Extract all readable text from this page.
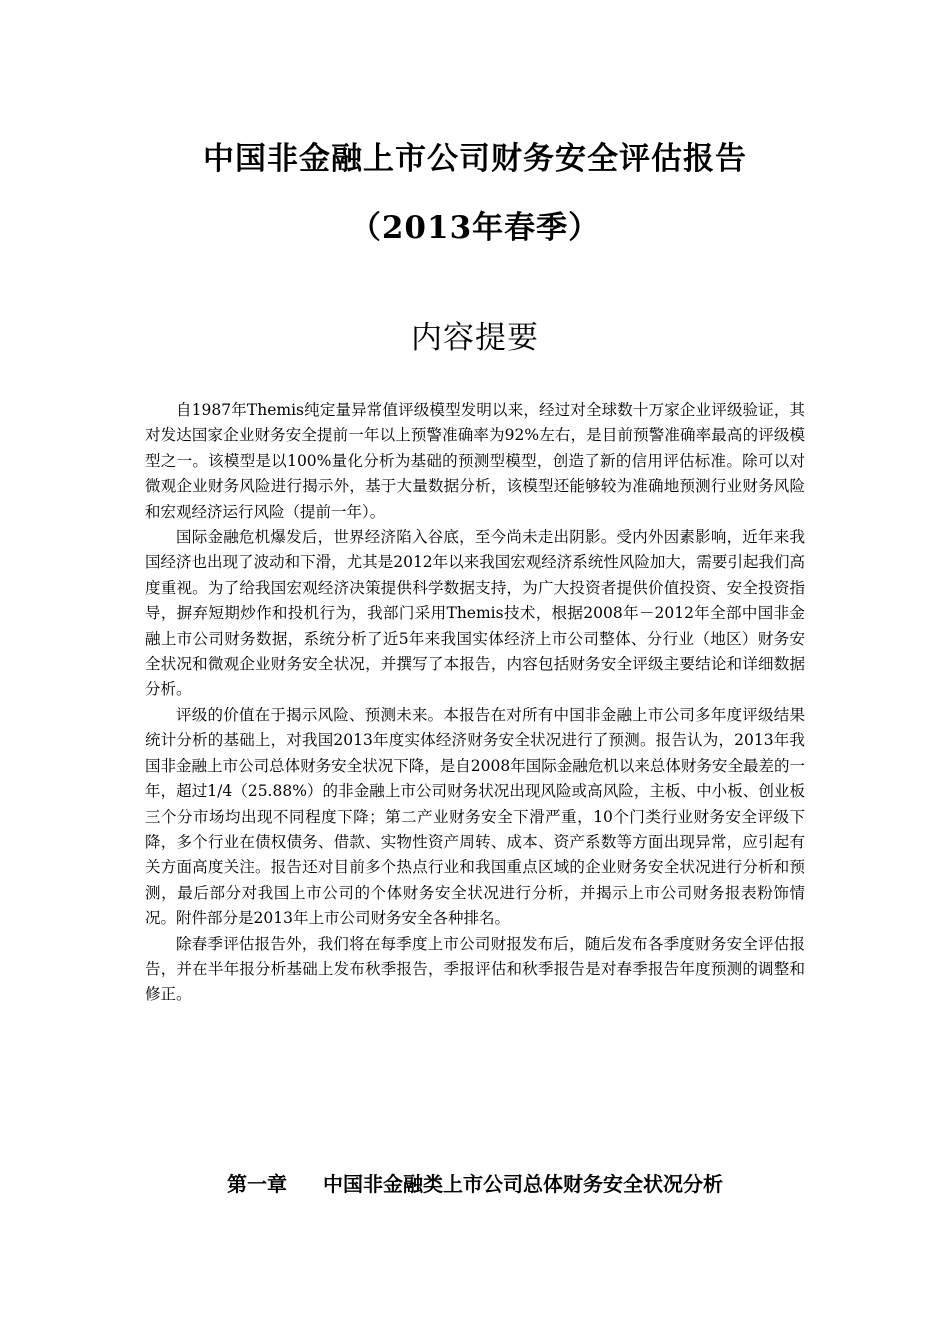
中国非金融上市公司财务安全评估报告
（2013年春季）
内容提要

自1987年Themis纯定量异常值评级模型发明以来，经过对全球数十万家企业评级验证，其对发达国家企业财务安全提前一年以上预警准确率为92%左右，是目前预警准确率最高的评级模型之一。该模型是以100%量化分析为基础的预测型模型，创造了新的信用评估标准。除可以对微观企业财务风险进行揭示外，基于大量数据分析，该模型还能够较为准确地预测行业财务风险和宏观经济运行风险（提前一年）。

国际金融危机爆发后，世界经济陷入谷底，至今尚未走出阴影。受内外因素影响，近年来我国经济也出现了波动和下滑，尤其是2012年以来我国宏观经济系统性风险加大，需要引起我们高度重视。为了给我国宏观经济决策提供科学数据支持，为广大投资者提供价值投资、安全投资指导，摒弃短期炒作和投机行为，我部门采用Themis技术，根据2008年－2012年全部中国非金融上市公司财务数据，系统分析了近5年来我国实体经济上市公司整体、分行业（地区）财务安全状况和微观企业财务安全状况，并撰写了本报告，内容包括财务安全评级主要结论和详细数据分析。

评级的价值在于揭示风险、预测未来。本报告在对所有中国非金融上市公司多年度评级结果统计分析的基础上，对我国2013年度实体经济财务安全状况进行了预测。报告认为，2013年我国非金融上市公司总体财务安全状况下降，是自2008年国际金融危机以来总体财务安全最差的一年，超过1/4（25.88%）的非金融上市公司财务状况出现风险或高风险，主板、中小板、创业板三个分市场均出现不同程度下降；第二产业财务安全下滑严重，10个门类行业财务安全评级下降，多个行业在债权债务、借款、实物性资产周转、成本、资产系数等方面出现异常，应引起有关方面高度关注。报告还对目前多个热点行业和我国重点区域的企业财务安全状况进行分析和预测，最后部分对我国上市公司的个体财务安全状况进行分析，并揭示上市公司财务报表粉饰情况。附件部分是2013年上市公司财务安全各种排名。

除春季评估报告外，我们将在每季度上市公司财报发布后，随后发布各季度财务安全评估报告，并在半年报分析基础上发布秋季报告，季报评估和秋季报告是对春季报告年度预测的调整和修正。

第一章 中国非金融类上市公司总体财务安全状况分析
